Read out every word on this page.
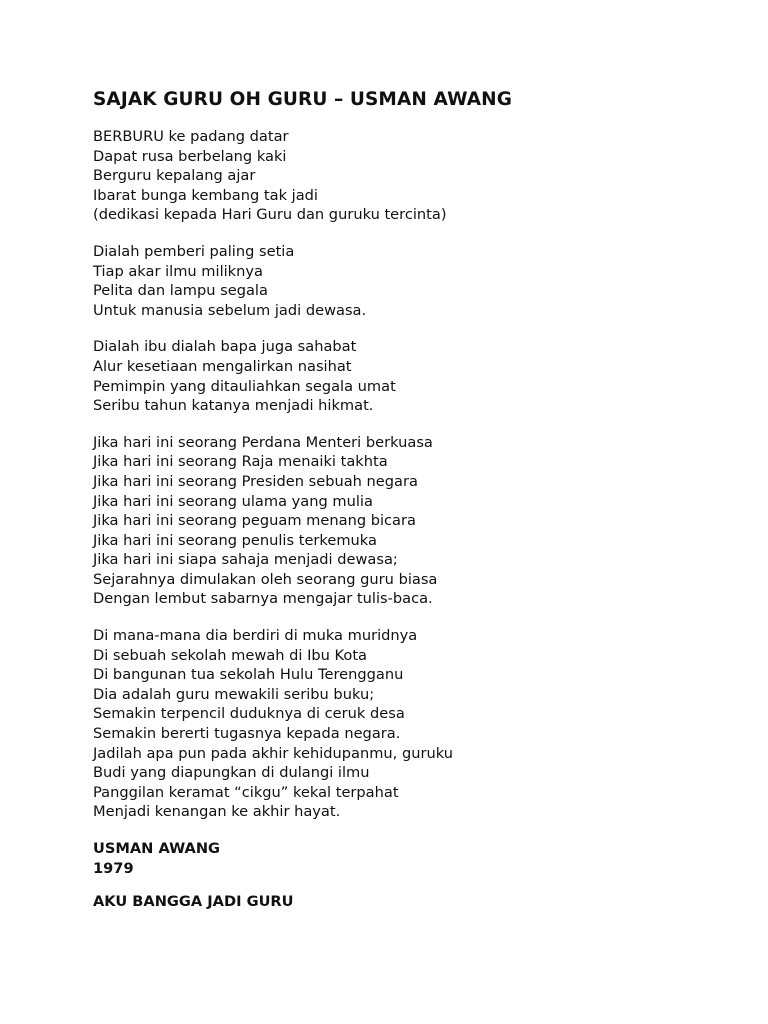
SAJAK GURU OH GURU – USMAN AWANG
BERBURU ke padang datar
Dapat rusa berbelang kaki
Berguru kepalang ajar
Ibarat bunga kembang tak jadi
(dedikasi kepada Hari Guru dan guruku tercinta)
Dialah pemberi paling setia
Tiap akar ilmu miliknya
Pelita dan lampu segala
Untuk manusia sebelum jadi dewasa.
Dialah ibu dialah bapa juga sahabat
Alur kesetiaan mengalirkan nasihat
Pemimpin yang ditauliahkan segala umat
Seribu tahun katanya menjadi hikmat.
Jika hari ini seorang Perdana Menteri berkuasa
Jika hari ini seorang Raja menaiki takhta
Jika hari ini seorang Presiden sebuah negara
Jika hari ini seorang ulama yang mulia
Jika hari ini seorang peguam menang bicara
Jika hari ini seorang penulis terkemuka
Jika hari ini siapa sahaja menjadi dewasa;
Sejarahnya dimulakan oleh seorang guru biasa
Dengan lembut sabarnya mengajar tulis-baca.
Di mana-mana dia berdiri di muka muridnya
Di sebuah sekolah mewah di Ibu Kota
Di bangunan tua sekolah Hulu Terengganu
Dia adalah guru mewakili seribu buku;
Semakin terpencil duduknya di ceruk desa
Semakin bererti tugasnya kepada negara.
Jadilah apa pun pada akhir kehidupanmu, guruku
Budi yang diapungkan di dulangi ilmu
Panggilan keramat “cikgu” kekal terpahat
Menjadi kenangan ke akhir hayat.
USMAN AWANG
1979
AKU BANGGA JADI GURU
